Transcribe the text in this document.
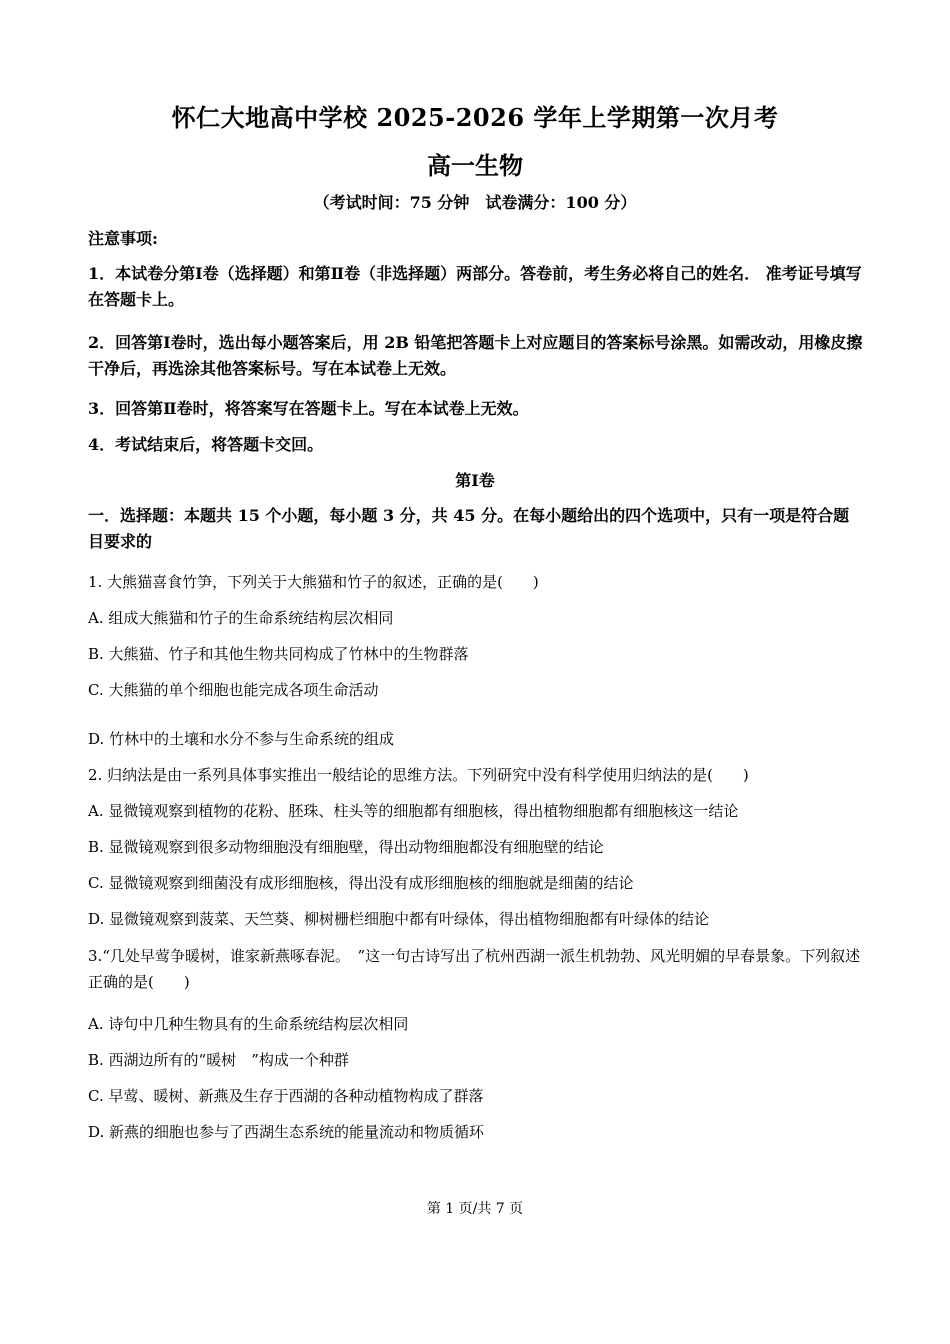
怀仁大地高中学校 2025-2026 学年上学期第一次月考
高一生物
（考试时间：75 分钟　试卷满分：100 分）
注意事项:
1．本试卷分第Ⅰ卷（选择题）和第Ⅱ卷（非选择题）两部分。答卷前，考生务必将自己的姓名． 准考证号填写在答题卡上。
2．回答第Ⅰ卷时，选出每小题答案后，用 2B 铅笔把答题卡上对应题目的答案标号涂黑。如需改动，用橡皮擦干净后，再选涂其他答案标号。写在本试卷上无效。
3．回答第Ⅱ卷时，将答案写在答题卡上。写在本试卷上无效。
4．考试结束后，将答题卡交回。
第Ⅰ卷
一．选择题：本题共 15 个小题，每小题 3 分，共 45 分。在每小题给出的四个选项中，只有一项是符合题目要求的
1. 大熊猫喜食竹笋，下列关于大熊猫和竹子的叙述，正确的是(　　)
A. 组成大熊猫和竹子的生命系统结构层次相同
B. 大熊猫、竹子和其他生物共同构成了竹林中的生物群落
C. 大熊猫的单个细胞也能完成各项生命活动
D. 竹林中的土壤和水分不参与生命系统的组成
2. 归纳法是由一系列具体事实推出一般结论的思维方法。下列研究中没有科学使用归纳法的是(　　)
A. 显微镜观察到植物的花粉、胚珠、柱头等的细胞都有细胞核，得出植物细胞都有细胞核这一结论
B. 显微镜观察到很多动物细胞没有细胞壁，得出动物细胞都没有细胞壁的结论
C. 显微镜观察到细菌没有成形细胞核，得出没有成形细胞核的细胞就是细菌的结论
D. 显微镜观察到菠菜、天竺葵、柳树栅栏细胞中都有叶绿体，得出植物细胞都有叶绿体的结论
3.“几处早莺争暖树，谁家新燕啄春泥。　”这一句古诗写出了杭州西湖一派生机勃勃、风光明媚的早春景象。下列叙述正确的是(　　)
A. 诗句中几种生物具有的生命系统结构层次相同
B. 西湖边所有的“暖树　”构成一个种群
C. 早莺、暖树、新燕及生存于西湖的各种动植物构成了群落
D. 新燕的细胞也参与了西湖生态系统的能量流动和物质循环
第 1 页/共 7 页
